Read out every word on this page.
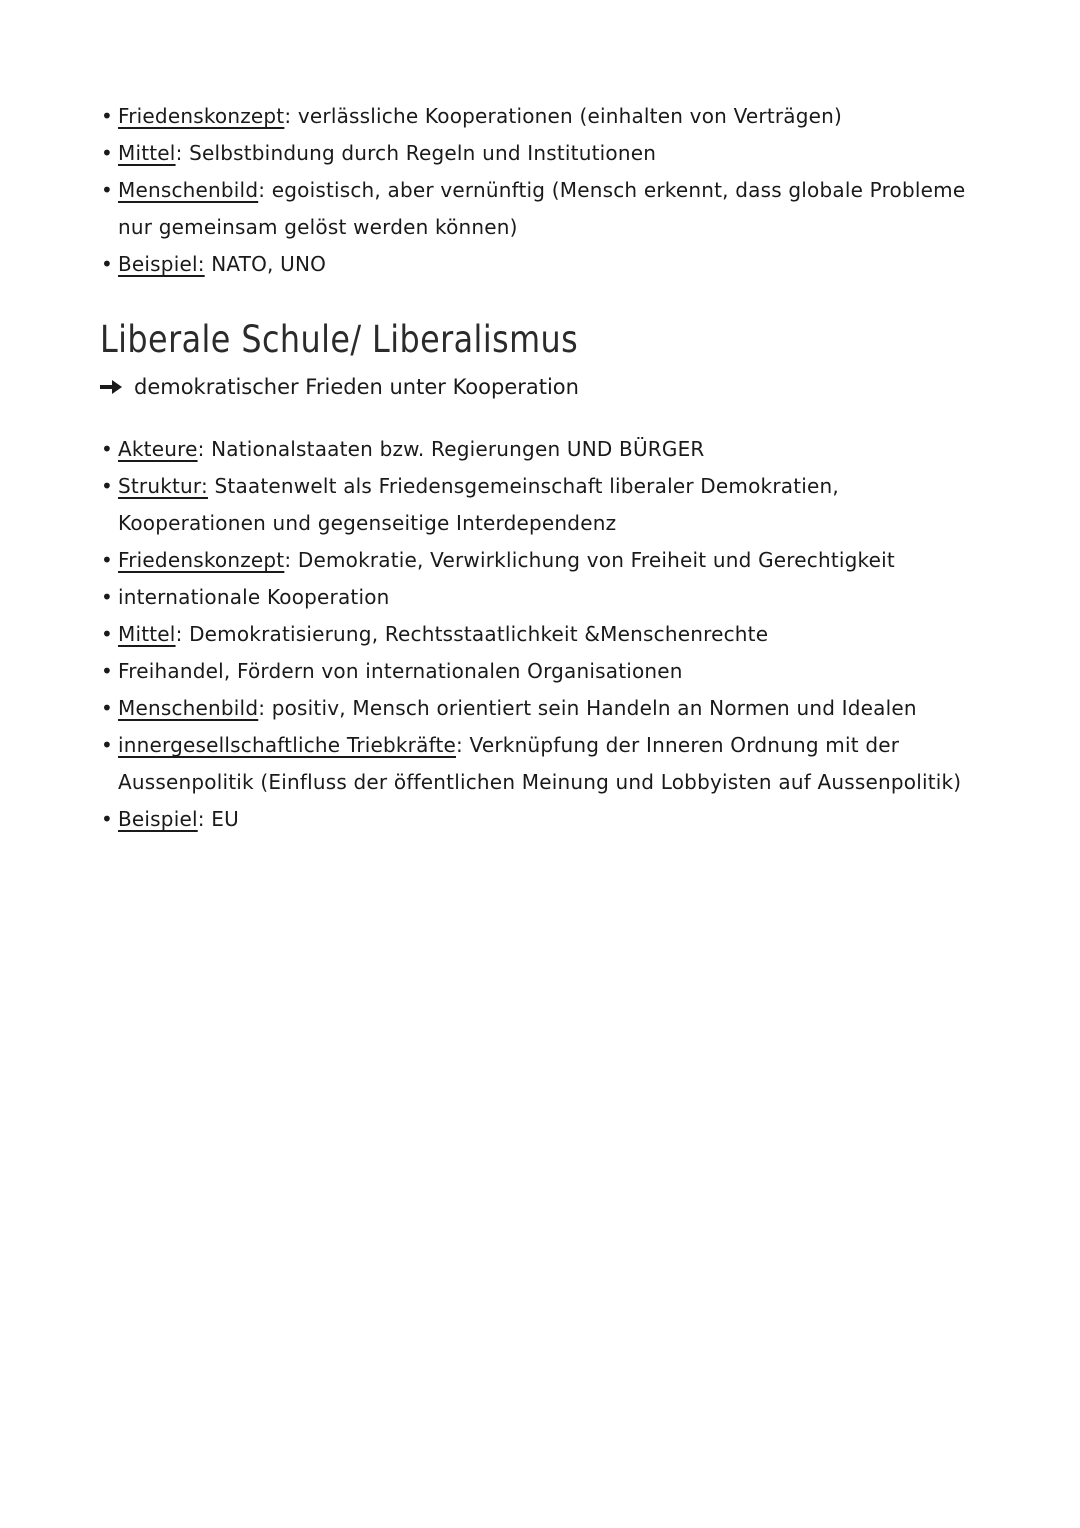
• Friedenskonzept: verlässliche Kooperationen (einhalten von Verträgen)
• Mittel: Selbstbindung durch Regeln und Institutionen
• Menschenbild: egoistisch, aber vernünftig (Mensch erkennt, dass globale Probleme nur gemeinsam gelöst werden können)
• Beispiel: NATO, UNO
Liberale Schule/ Liberalismus
demokratischer Frieden unter Kooperation
• Akteure: Nationalstaaten bzw. Regierungen UND BÜRGER
• Struktur: Staatenwelt als Friedensgemeinschaft liberaler Demokratien, Kooperationen und gegenseitige Interdependenz
• Friedenskonzept: Demokratie, Verwirklichung von Freiheit und Gerechtigkeit
• internationale Kooperation
• Mittel: Demokratisierung, Rechtsstaatlichkeit &Menschenrechte
• Freihandel, Fördern von internationalen Organisationen
• Menschenbild: positiv, Mensch orientiert sein Handeln an Normen und Idealen
• innergesellschaftliche Triebkräfte: Verknüpfung der Inneren Ordnung mit der Aussenpolitik (Einfluss der öffentlichen Meinung und Lobbyisten auf Aussenpolitik)
• Beispiel: EU
